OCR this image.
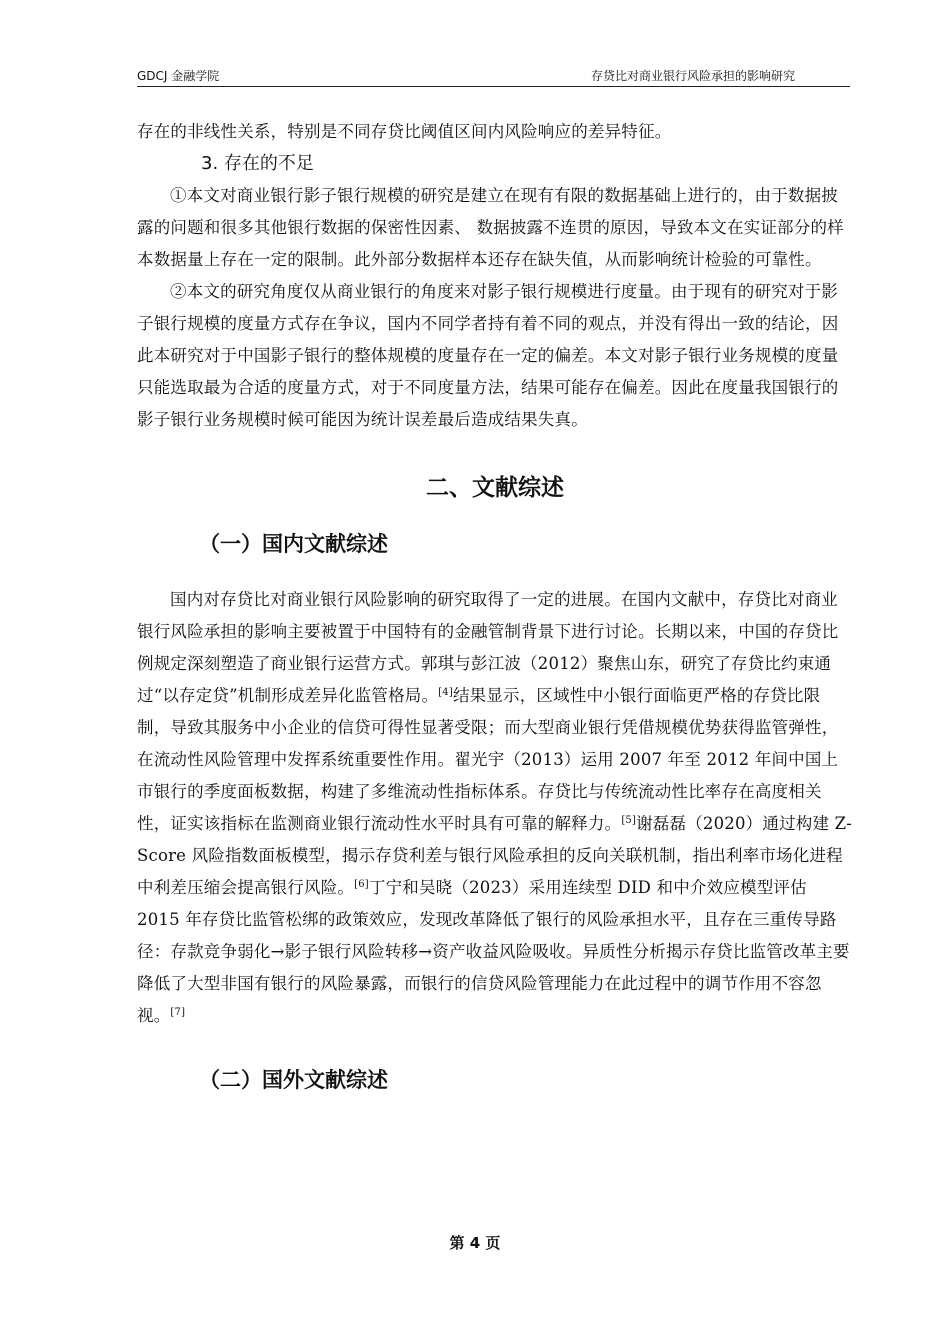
GDCJ 金融学院	存贷比对商业银行风险承担的影响研究

存在的非线性关系，特别是不同存贷比阈值区间内风险响应的差异特征。

3. 存在的不足

①本文对商业银行影子银行规模的研究是建立在现有有限的数据基础上进行的，由于数据披露的问题和很多其他银行数据的保密性因素、 数据披露不连贯的原因，导致本文在实证部分的样本数据量上存在一定的限制。此外部分数据样本还存在缺失值，从而影响统计检验的可靠性。

②本文的研究角度仅从商业银行的角度来对影子银行规模进行度量。由于现有的研究对于影子银行规模的度量方式存在争议，国内不同学者持有着不同的观点，并没有得出一致的结论，因此本研究对于中国影子银行的整体规模的度量存在一定的偏差。本文对影子银行业务规模的度量只能选取最为合适的度量方式，对于不同度量方法，结果可能存在偏差。因此在度量我国银行的影子银行业务规模时候可能因为统计误差最后造成结果失真。

二、文献综述
（一）国内文献综述

国内对存贷比对商业银行风险影响的研究取得了一定的进展。在国内文献中，存贷比对商业银行风险承担的影响主要被置于中国特有的金融管制背景下进行讨论。长期以来，中国的存贷比例规定深刻塑造了商业银行运营方式。郭琪与彭江波（2012）聚焦山东，研究了存贷比约束通过“以存定贷”机制形成差异化监管格局。[4]结果显示，区域性中小银行面临更严格的存贷比限制，导致其服务中小企业的信贷可得性显著受限；而大型商业银行凭借规模优势获得监管弹性，在流动性风险管理中发挥系统重要性作用。翟光宇（2013）运用 2007 年至 2012 年间中国上市银行的季度面板数据，构建了多维流动性指标体系。存贷比与传统流动性比率存在高度相关性，证实该指标在监测商业银行流动性水平时具有可靠的解释力。[5]谢磊磊（2020）通过构建 Z-Score 风险指数面板模型，揭示存贷利差与银行风险承担的反向关联机制，指出利率市场化进程中利差压缩会提高银行风险。[6]丁宁和吴晓（2023）采用连续型 DID 和中介效应模型评估 2015 年存贷比监管松绑的政策效应，发现改革降低了银行的风险承担水平，且存在三重传导路径：存款竞争弱化→影子银行风险转移→资产收益风险吸收。异质性分析揭示存贷比监管改革主要降低了大型非国有银行的风险暴露，而银行的信贷风险管理能力在此过程中的调节作用不容忽视。[7]

（二）国外文献综述
第 4 页
